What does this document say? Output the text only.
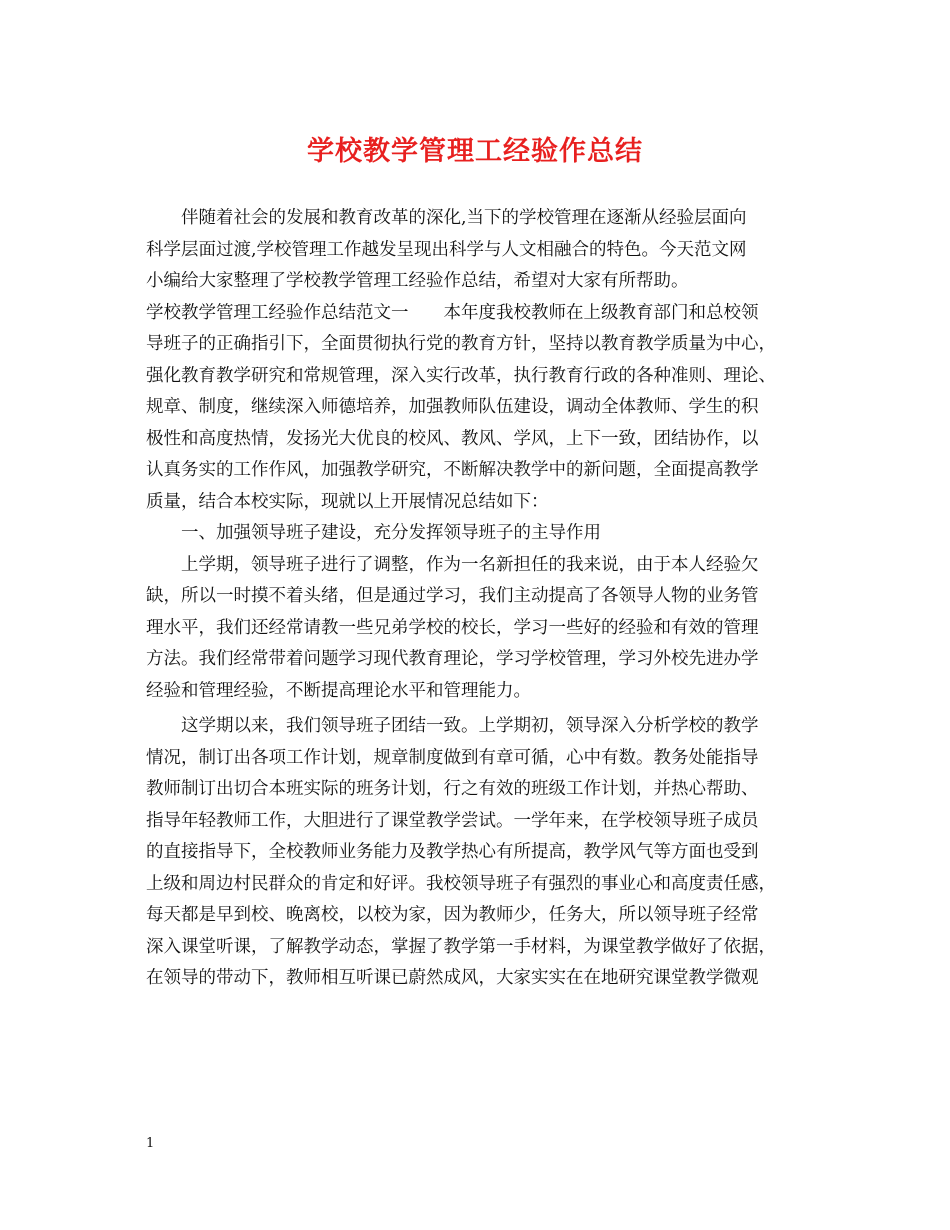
学校教学管理工经验作总结
　　伴随着社会的发展和教育改革的深化,当下的学校管理在逐渐从经验层面向
科学层面过渡,学校管理工作越发呈现出科学与人文相融合的特色。今天范文网
小编给大家整理了学校教学管理工经验作总结，希望对大家有所帮助。
学校教学管理工经验作总结范文一　　本年度我校教师在上级教育部门和总校领
导班子的正确指引下，全面贯彻执行党的教育方针，坚持以教育教学质量为中心，
强化教育教学研究和常规管理，深入实行改革，执行教育行政的各种准则、理论、
规章、制度，继续深入师德培养，加强教师队伍建设，调动全体教师、学生的积
极性和高度热情，发扬光大优良的校风、教风、学风，上下一致，团结协作，以
认真务实的工作作风，加强教学研究，不断解决教学中的新问题，全面提高教学
质量，结合本校实际，现就以上开展情况总结如下：
　　一、加强领导班子建设，充分发挥领导班子的主导作用
　　上学期，领导班子进行了调整，作为一名新担任的我来说，由于本人经验欠
缺，所以一时摸不着头绪，但是通过学习，我们主动提高了各领导人物的业务管
理水平，我们还经常请教一些兄弟学校的校长，学习一些好的经验和有效的管理
方法。我们经常带着问题学习现代教育理论，学习学校管理，学习外校先进办学
经验和管理经验，不断提高理论水平和管理能力。
　　这学期以来，我们领导班子团结一致。上学期初，领导深入分析学校的教学
情况，制订出各项工作计划，规章制度做到有章可循，心中有数。教务处能指导
教师制订出切合本班实际的班务计划，行之有效的班级工作计划，并热心帮助、
指导年轻教师工作，大胆进行了课堂教学尝试。一学年来，在学校领导班子成员
的直接指导下，全校教师业务能力及教学热心有所提高，教学风气等方面也受到
上级和周边村民群众的肯定和好评。我校领导班子有强烈的事业心和高度责任感，
每天都是早到校、晚离校，以校为家，因为教师少，任务大，所以领导班子经常
深入课堂听课，了解教学动态，掌握了教学第一手材料，为课堂教学做好了依据，
在领导的带动下，教师相互听课已蔚然成风，大家实实在在地研究课堂教学微观
1
